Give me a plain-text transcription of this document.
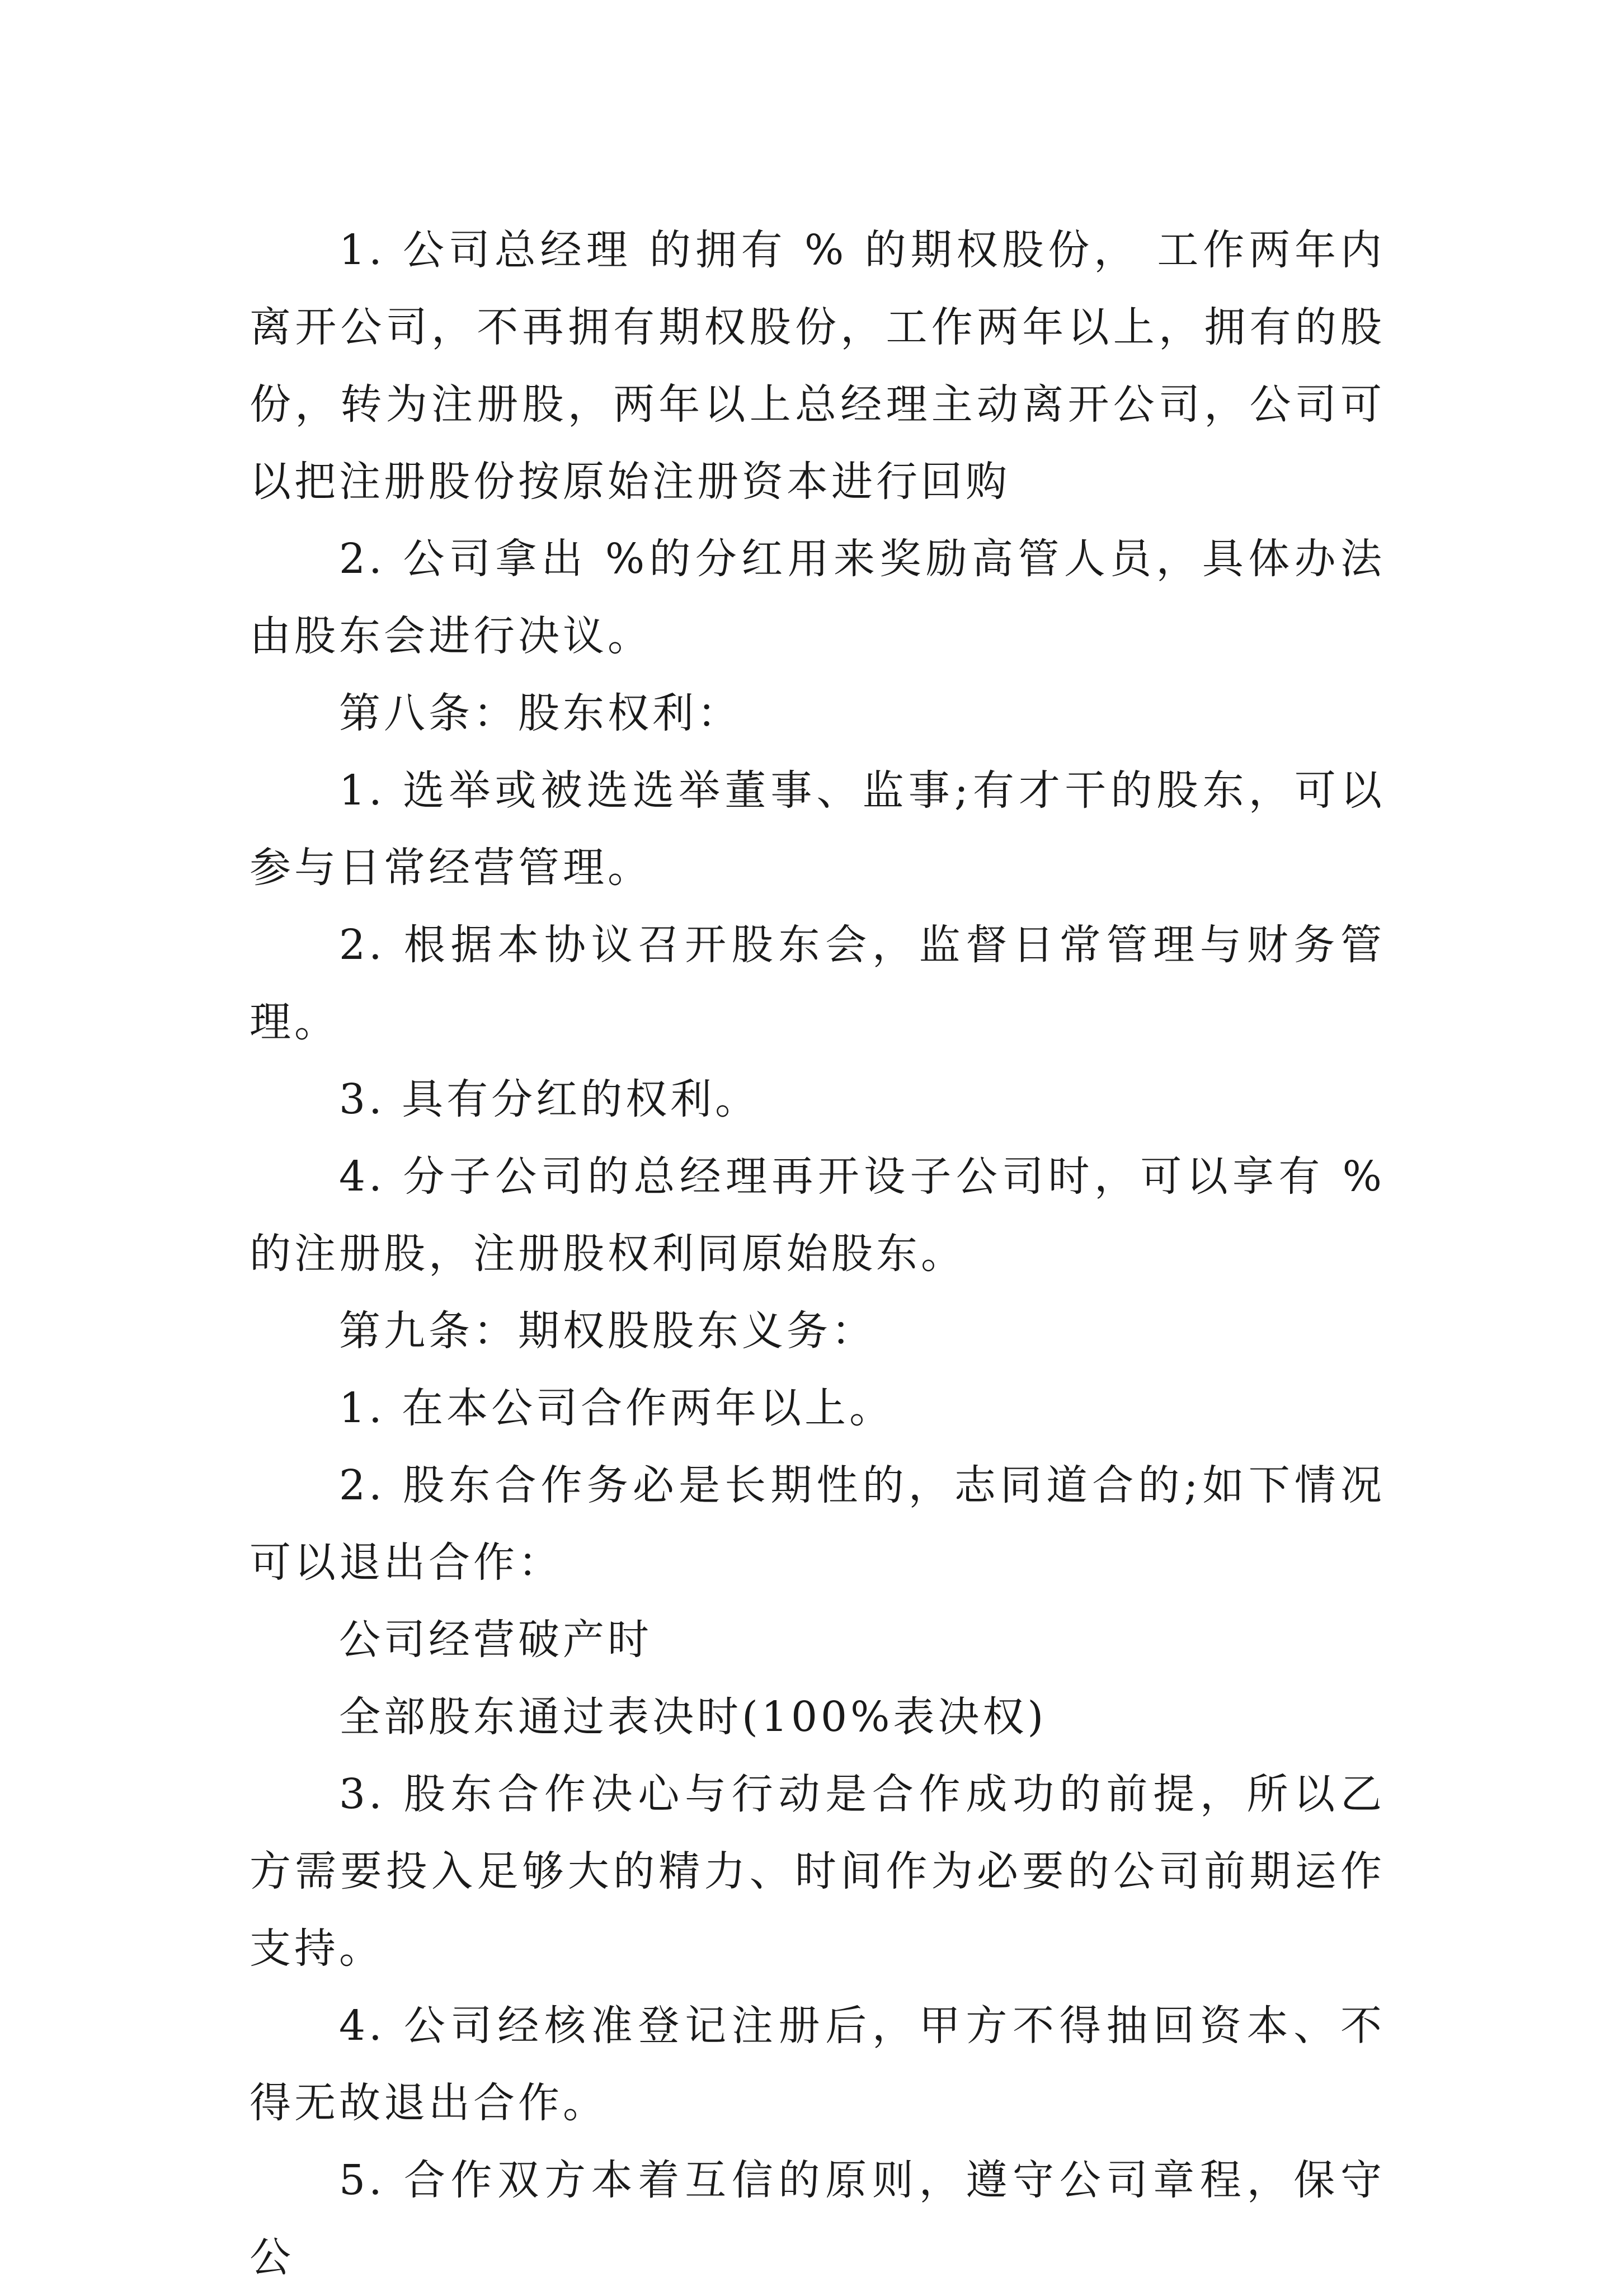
1. 公司总经理 的拥有 % 的期权股份， 工作两年内离开公司，不再拥有期权股份，工作两年以上，拥有的股份，转为注册股，两年以上总经理主动离开公司，公司可以把注册股份按原始注册资本进行回购

2. 公司拿出 %的分红用来奖励高管人员，具体办法由股东会进行决议。

第八条：股东权利：

1. 选举或被选选举董事、监事;有才干的股东，可以参与日常经营管理。

2. 根据本协议召开股东会，监督日常管理与财务管理。

3. 具有分红的权利。

4. 分子公司的总经理再开设子公司时，可以享有 %的注册股，注册股权利同原始股东。

第九条：期权股股东义务：

1. 在本公司合作两年以上。

2. 股东合作务必是长期性的，志同道合的;如下情况可以退出合作：

公司经营破产时

全部股东通过表决时(100%表决权)

3. 股东合作决心与行动是合作成功的前提，所以乙方需要投入足够大的精力、时间作为必要的公司前期运作支持。

4. 公司经核准登记注册后，甲方不得抽回资本、不得无故退出合作。

5. 合作双方本着互信的原则，遵守公司章程，保守公
